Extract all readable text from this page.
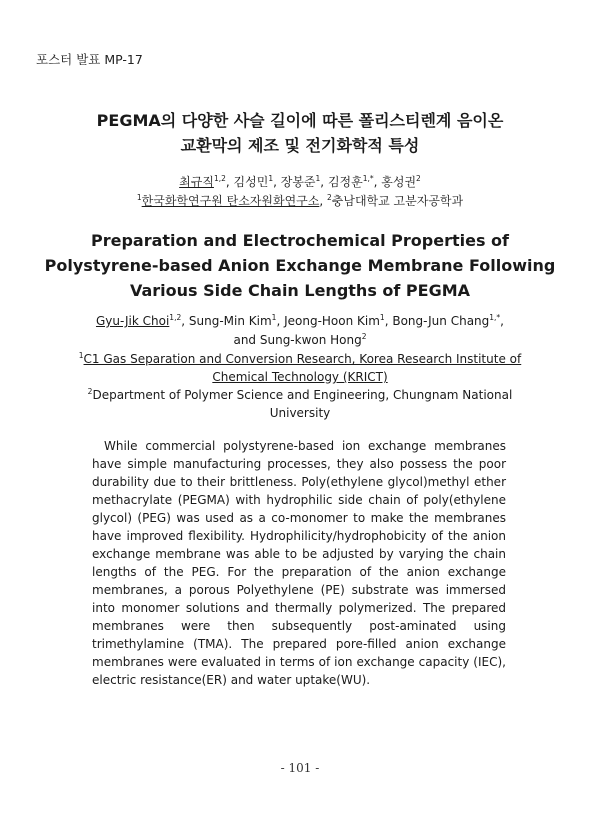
포스터 발표 MP-17
PEGMA의 다양한 사슬 길이에 따른 폴리스티렌계 음이온
교환막의 제조 및 전기화학적 특성
최규직$^{1,2}$, 김성민$^1$, 장봉준$^1$, 김정훈$^{1,*}$, 홍성권$^2$
$^1$한국화학연구원 탄소자원화연구소, $^2$충남대학교 고분자공학과
Preparation and Electrochemical Properties of
Polystyrene-based Anion Exchange Membrane Following
Various Side Chain Lengths of PEGMA
Gyu-Jik Choi$^{1,2}$, Sung-Min Kim$^1$, Jeong-Hoon Kim$^1$, Bong-Jun Chang$^{1,*}$,
and Sung-kwon Hong$^2$
$^1$C1 Gas Separation and Conversion Research, Korea Research Institute of
Chemical Technology (KRICT)
$^2$Department of Polymer Science and Engineering, Chungnam National
University

While commercial polystyrene-based ion exchange membranes have simple manufacturing processes, they also possess the poor durability due to their brittleness. Poly(ethylene glycol)methyl ether methacrylate (PEGMA) with hydrophilic side chain of poly(ethylene glycol) (PEG) was used as a co-monomer to make the membranes have improved flexibility. Hydrophilicity/hydrophobicity of the anion exchange membrane was able to be adjusted by varying the chain lengths of the PEG. For the preparation of the anion exchange membranes, a porous Polyethylene (PE) substrate was immersed into monomer solutions and thermally polymerized. The prepared membranes were then subsequently post-aminated using trimethylamine (TMA). The prepared pore-filled anion exchange membranes were evaluated in terms of ion exchange capacity (IEC), electric resistance(ER) and water uptake(WU).

- 101 -
